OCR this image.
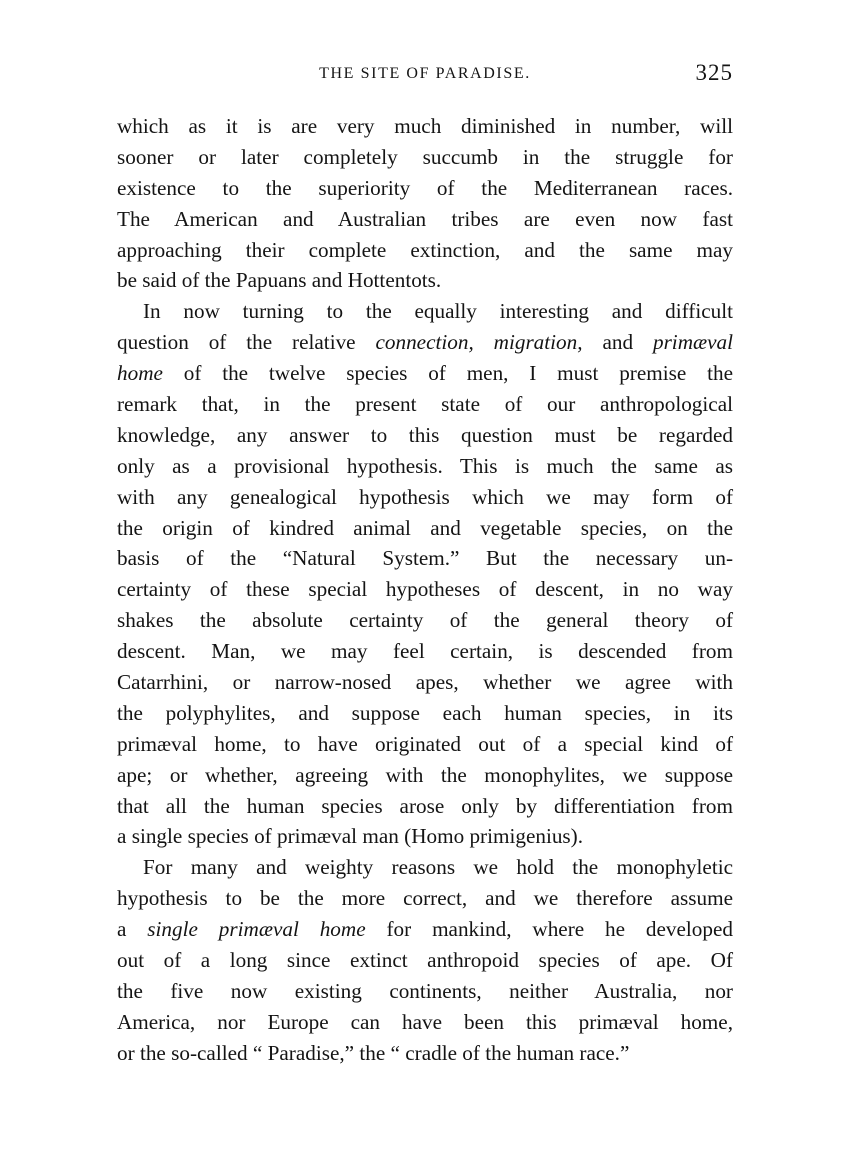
THE SITE OF PARADISE.	325
which as it is are very much diminished in number, will
sooner or later completely succumb in the struggle for
existence to the superiority of the Mediterranean races.
The American and Australian tribes are even now fast
approaching their complete extinction, and the same may
be said of the Papuans and Hottentots.
In now turning to the equally interesting and difficult
question of the relative connection, migration, and primæval
home of the twelve species of men, I must premise the
remark that, in the present state of our anthropological
knowledge, any answer to this question must be regarded
only as a provisional hypothesis. This is much the same as
with any genealogical hypothesis which we may form of
the origin of kindred animal and vegetable species, on the
basis of the “Natural System.” But the necessary un-
certainty of these special hypotheses of descent, in no way
shakes the absolute certainty of the general theory of
descent. Man, we may feel certain, is descended from
Catarrhini, or narrow-nosed apes, whether we agree with
the polyphylites, and suppose each human species, in its
primæval home, to have originated out of a special kind of
ape; or whether, agreeing with the monophylites, we suppose
that all the human species arose only by differentiation from
a single species of primæval man (Homo primigenius).
For many and weighty reasons we hold the monophyletic
hypothesis to be the more correct, and we therefore assume
a single primæval home for mankind, where he developed
out of a long since extinct anthropoid species of ape. Of
the five now existing continents, neither Australia, nor
America, nor Europe can have been this primæval home,
or the so-called “ Paradise,” the “ cradle of the human race.”
